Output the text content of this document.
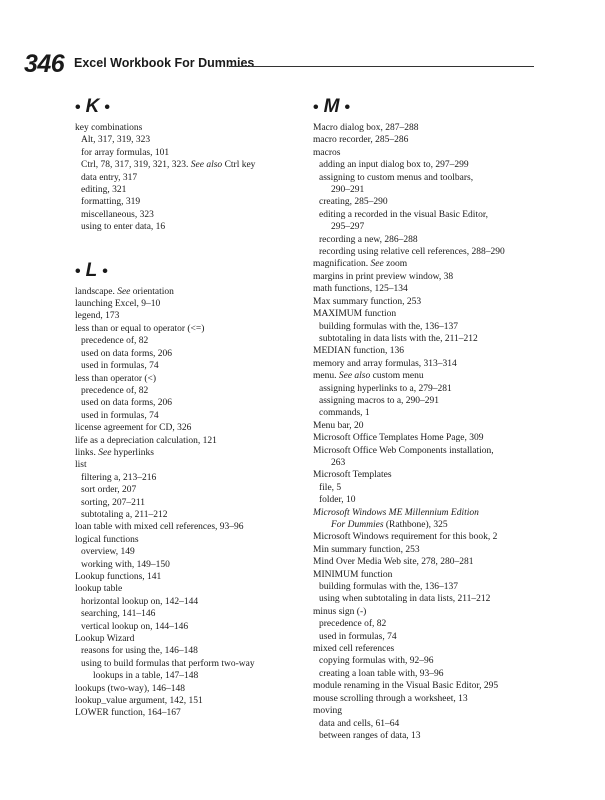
346 Excel Workbook For Dummies
• K •
key combinations
Alt, 317, 319, 323
for array formulas, 101
Ctrl, 78, 317, 319, 321, 323. See also Ctrl key
data entry, 317
editing, 321
formatting, 319
miscellaneous, 323
using to enter data, 16
• L •
landscape. See orientation
launching Excel, 9–10
legend, 173
less than or equal to operator (<=)
precedence of, 82
used on data forms, 206
used in formulas, 74
less than operator (<)
precedence of, 82
used on data forms, 206
used in formulas, 74
license agreement for CD, 326
life as a depreciation calculation, 121
links. See hyperlinks
list
filtering a, 213–216
sort order, 207
sorting, 207–211
subtotaling a, 211–212
loan table with mixed cell references, 93–96
logical functions
overview, 149
working with, 149–150
Lookup functions, 141
lookup table
horizontal lookup on, 142–144
searching, 141–146
vertical lookup on, 144–146
Lookup Wizard
reasons for using the, 146–148
using to build formulas that perform two-way
lookups in a table, 147–148
lookups (two-way), 146–148
lookup_value argument, 142, 151
LOWER function, 164–167
• M •
Macro dialog box, 287–288
macro recorder, 285–286
macros
adding an input dialog box to, 297–299
assigning to custom menus and toolbars,
290–291
creating, 285–290
editing a recorded in the visual Basic Editor,
295–297
recording a new, 286–288
recording using relative cell references, 288–290
magnification. See zoom
margins in print preview window, 38
math functions, 125–134
Max summary function, 253
MAXIMUM function
building formulas with the, 136–137
subtotaling in data lists with the, 211–212
MEDIAN function, 136
memory and array formulas, 313–314
menu. See also custom menu
assigning hyperlinks to a, 279–281
assigning macros to a, 290–291
commands, 1
Menu bar, 20
Microsoft Office Templates Home Page, 309
Microsoft Office Web Components installation,
263
Microsoft Templates
file, 5
folder, 10
Microsoft Windows ME Millennium Edition
For Dummies (Rathbone), 325
Microsoft Windows requirement for this book, 2
Min summary function, 253
Mind Over Media Web site, 278, 280–281
MINIMUM function
building formulas with the, 136–137
using when subtotaling in data lists, 211–212
minus sign (-)
precedence of, 82
used in formulas, 74
mixed cell references
copying formulas with, 92–96
creating a loan table with, 93–96
module renaming in the Visual Basic Editor, 295
mouse scrolling through a worksheet, 13
moving
data and cells, 61–64
between ranges of data, 13
